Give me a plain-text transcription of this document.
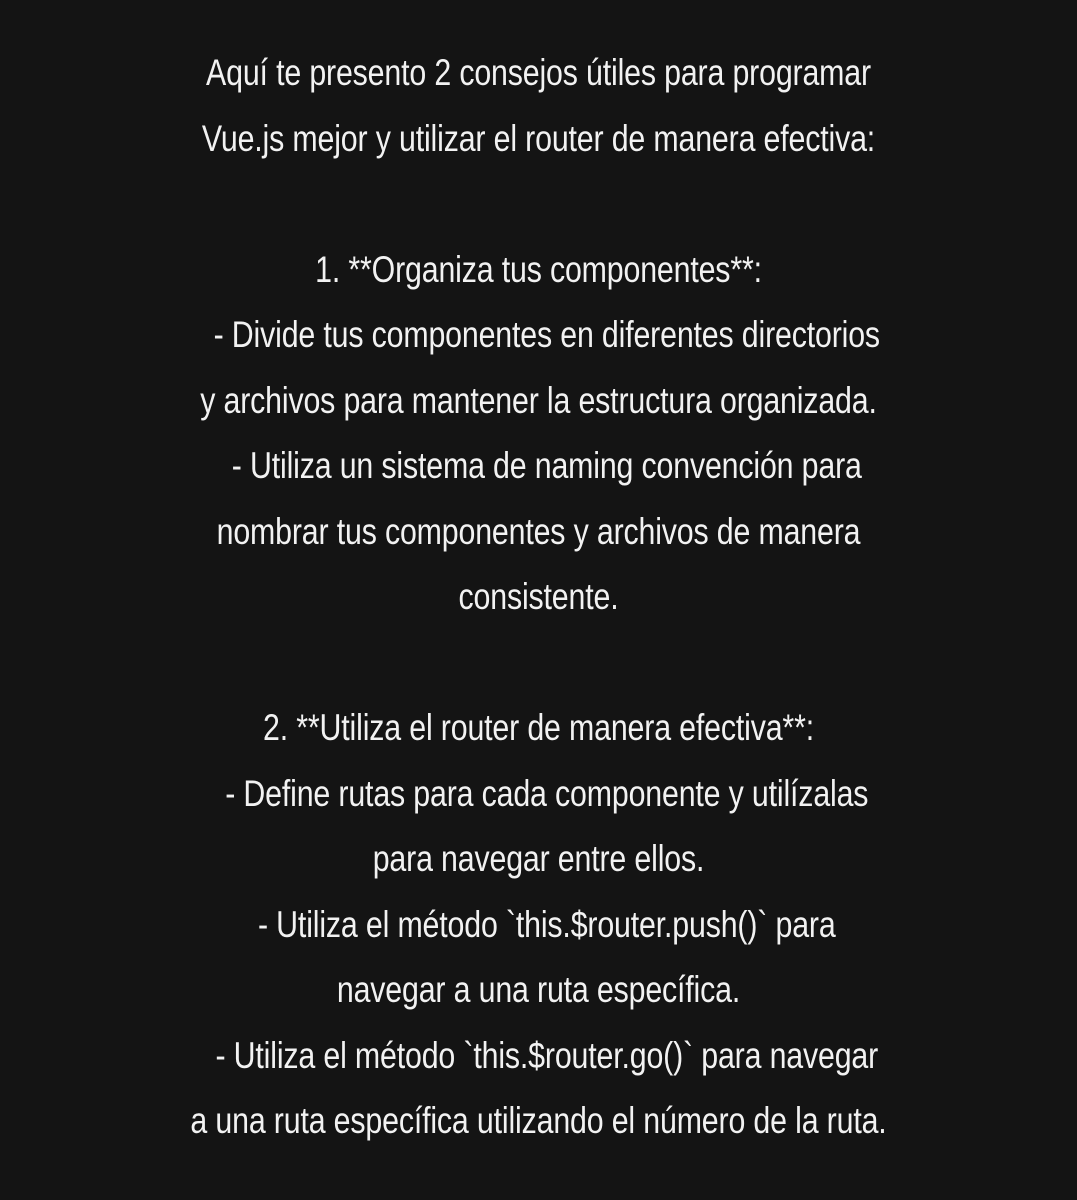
Aquí te presento 2 consejos útiles para programar
Vue.js mejor y utilizar el router de manera efectiva:
1. **Organiza tus componentes**:
- Divide tus componentes en diferentes directorios
y archivos para mantener la estructura organizada.
- Utiliza un sistema de naming convención para
nombrar tus componentes y archivos de manera
consistente.
2. **Utiliza el router de manera efectiva**:
- Define rutas para cada componente y utilízalas
para navegar entre ellos.
- Utiliza el método `this.$router.push()` para
navegar a una ruta específica.
- Utiliza el método `this.$router.go()` para navegar
a una ruta específica utilizando el número de la ruta.
